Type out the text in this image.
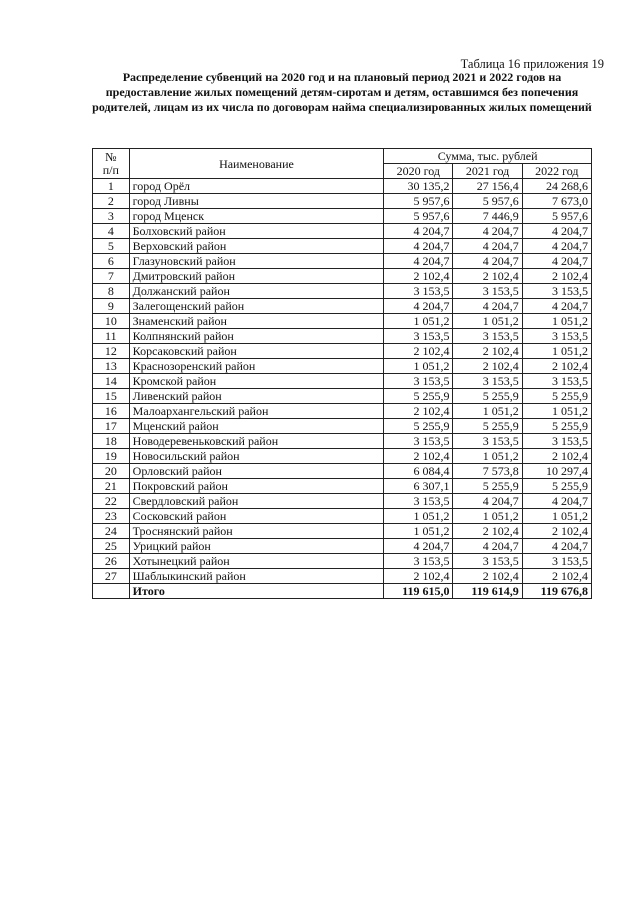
Таблица 16 приложения 19
Распределение субвенций на 2020 год и на плановый период 2021 и 2022 годов на предоставление жилых помещений детям-сиротам и детям, оставшимся без попечения родителей, лицам из их числа по договорам найма специализированных жилых помещений
№
п/п	Наименование	Сумма, тыс. рублей		
		2020 год	2021 год	2022 год
1	город Орёл	30 135,2	27 156,4	24 268,6
2	город Ливны	5 957,6	5 957,6	7 673,0
3	город Мценск	5 957,6	7 446,9	5 957,6
4	Болховский район	4 204,7	4 204,7	4 204,7
5	Верховский район	4 204,7	4 204,7	4 204,7
6	Глазуновский район	4 204,7	4 204,7	4 204,7
7	Дмитровский район	2 102,4	2 102,4	2 102,4
8	Должанский район	3 153,5	3 153,5	3 153,5
9	Залегощенский район	4 204,7	4 204,7	4 204,7
10	Знаменский район	1 051,2	1 051,2	1 051,2
11	Колпнянский район	3 153,5	3 153,5	3 153,5
12	Корсаковский район	2 102,4	2 102,4	1 051,2
13	Краснозоренский район	1 051,2	2 102,4	2 102,4
14	Кромской район	3 153,5	3 153,5	3 153,5
15	Ливенский район	5 255,9	5 255,9	5 255,9
16	Малоархангельский район	2 102,4	1 051,2	1 051,2
17	Мценский район	5 255,9	5 255,9	5 255,9
18	Новодеревеньковский район	3 153,5	3 153,5	3 153,5
19	Новосильский район	2 102,4	1 051,2	2 102,4
20	Орловский район	6 084,4	7 573,8	10 297,4
21	Покровский район	6 307,1	5 255,9	5 255,9
22	Свердловский район	3 153,5	4 204,7	4 204,7
23	Сосковский район	1 051,2	1 051,2	1 051,2
24	Троснянский район	1 051,2	2 102,4	2 102,4
25	Урицкий район	4 204,7	4 204,7	4 204,7
26	Хотынецкий район	3 153,5	3 153,5	3 153,5
27	Шаблыкинский район	2 102,4	2 102,4	2 102,4
	Итого	119 615,0	119 614,9	119 676,8
